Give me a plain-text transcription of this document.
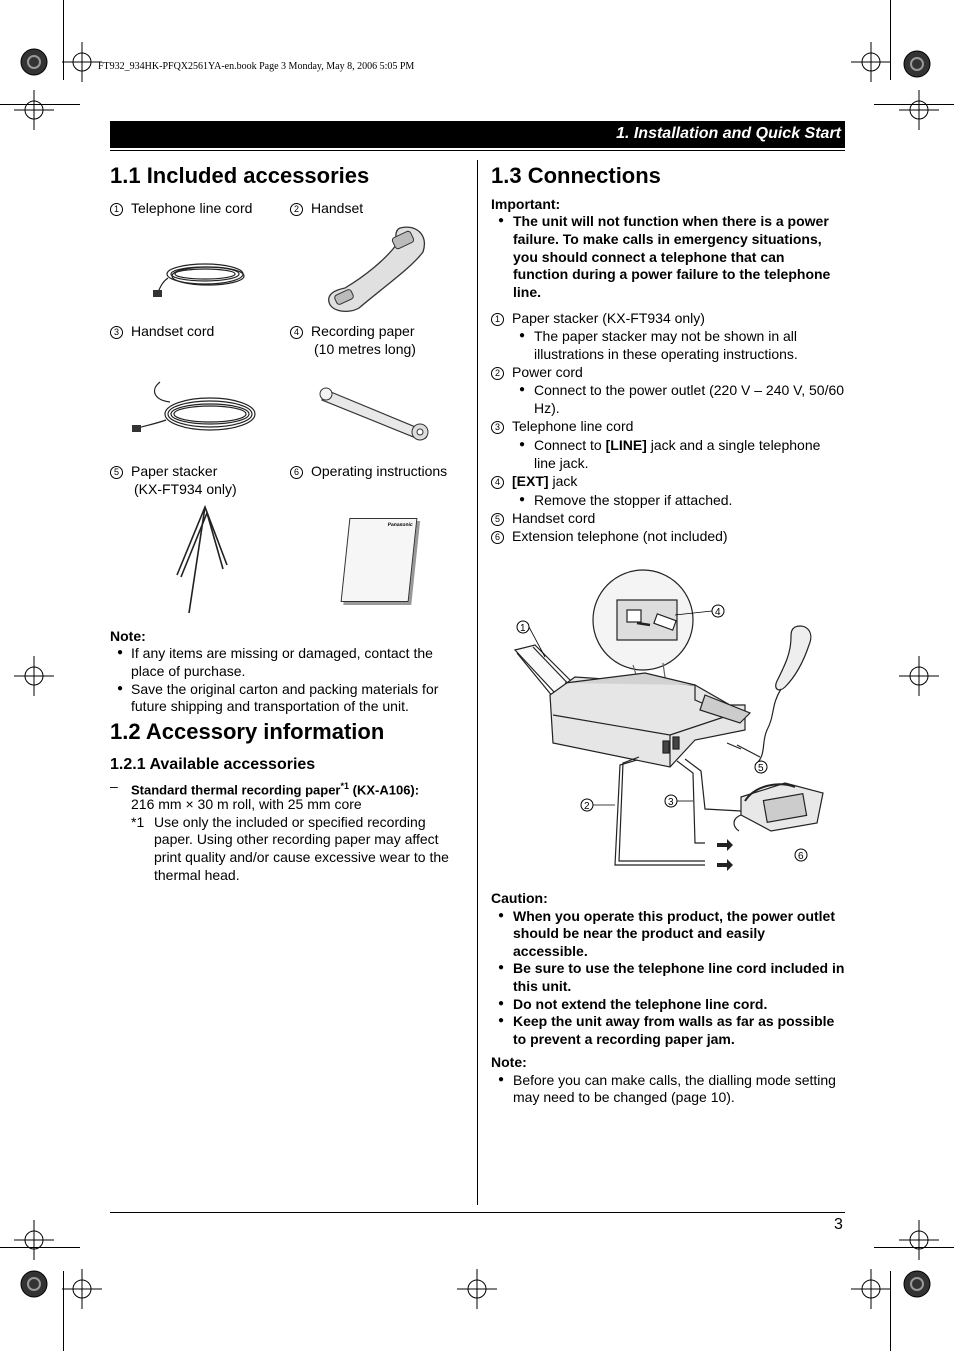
FT932_934HK-PFQX2561YA-en.book Page 3 Monday, May 8, 2006 5:05 PM
1. Installation and Quick Start
1.1 Included accessories
1 Telephone line cord	2 Handset
3 Handset cord	4 Recording paper
(10 metres long)
5 Paper stacker
(KX-FT934 only)
6 Operating instructions
Panasonic
Note:
● If any items are missing or damaged, contact the
place of purchase.
● Save the original carton and packing materials for
future shipping and transportation of the unit.
1.2 Accessory information
1.2.1 Available accessories
– Standard thermal recording paper$^{*1}$ (KX-A106):
216 mm × 30 m roll, with 25 mm core
*1 Use only the included or specified recording
paper. Using other recording paper may affect
print quality and/or cause excessive wear to the
thermal head.
1.3 Connections
Important:
● The unit will not function when there is a power
failure. To make calls in emergency situations,
you should connect a telephone that can
function during a power failure to the telephone
line.
1 Paper stacker (KX-FT934 only)
● The paper stacker may not be shown in all
illustrations in these operating instructions.
2 Power cord
● Connect to the power outlet (220 V – 240 V, 50/60
Hz).
3 Telephone line cord
● Connect to [LINE] jack and a single telephone
line jack.
4 [EXT] jack
● Remove the stopper if attached.
5 Handset cord
6 Extension telephone (not included)
1
2	3
4
5
6
Caution:
● When you operate this product, the power outlet
should be near the product and easily
accessible.
● Be sure to use the telephone line cord included in
this unit.
● Do not extend the telephone line cord.
● Keep the unit away from walls as far as possible
to prevent a recording paper jam.
Note:
● Before you can make calls, the dialling mode setting
may need to be changed (page 10).
3
